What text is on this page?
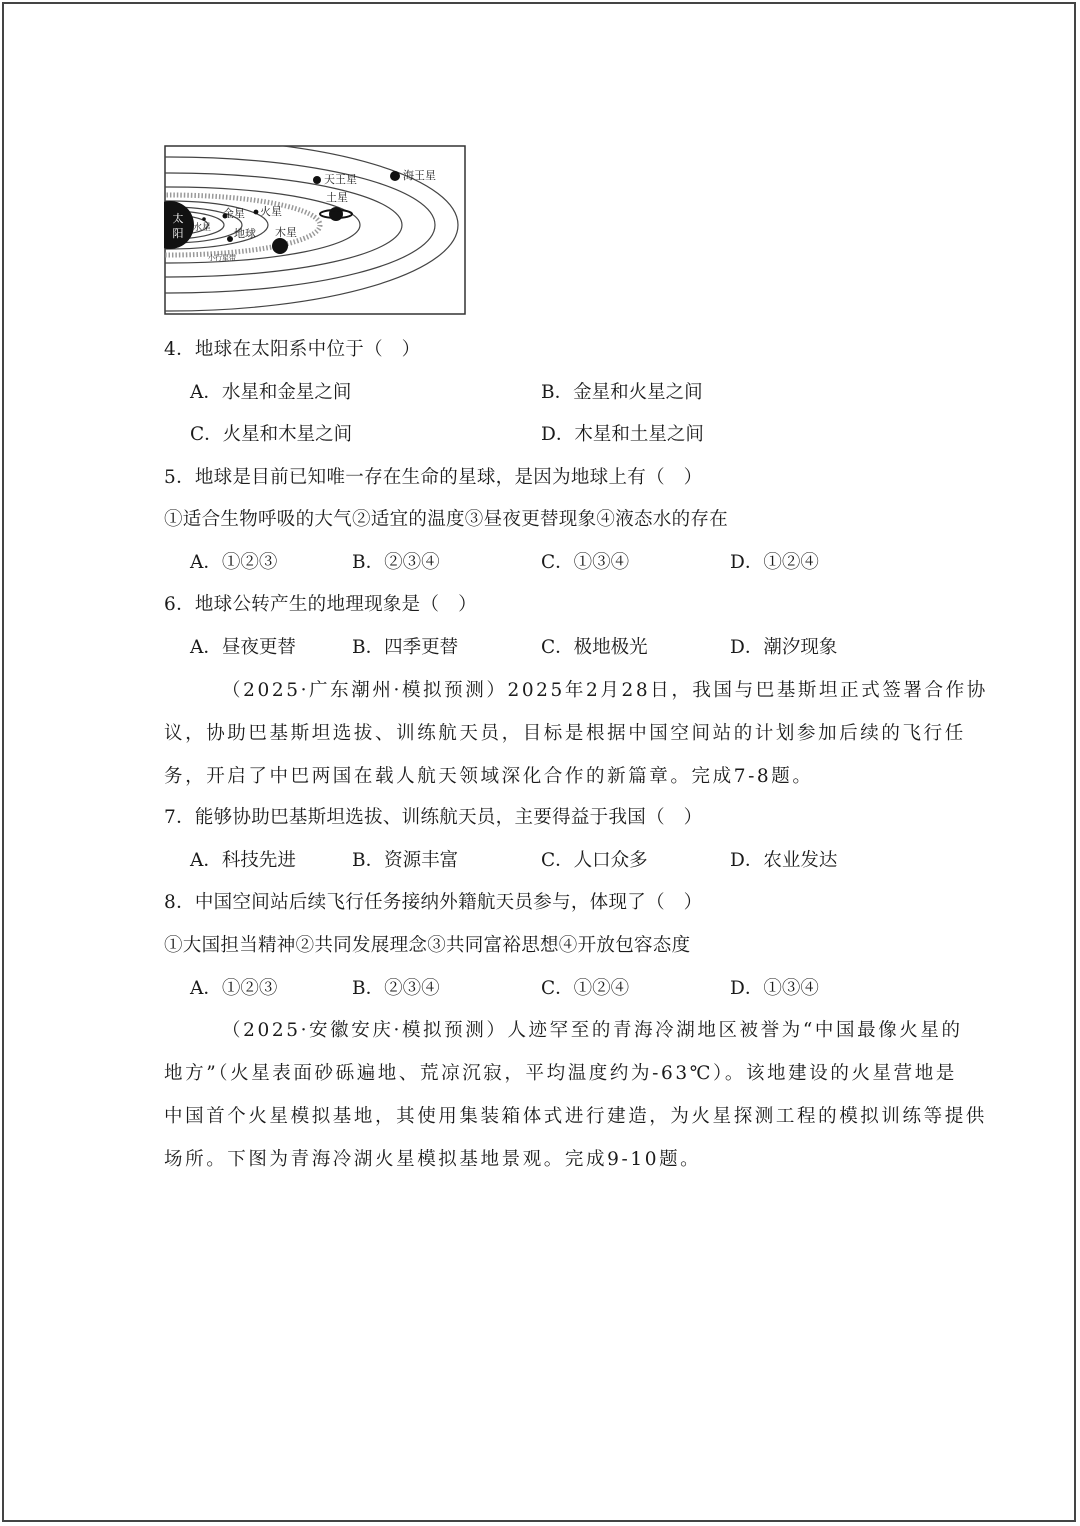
太
阳 水星
金星
地球
火星
木星
土星
天王星	海王星
小行星带
4．地球在太阳系中位于（　）
A．水星和金星之间	B．金星和火星之间
C．火星和木星之间	D．木星和土星之间
5．地球是目前已知唯一存在生命的星球，是因为地球上有（　）
①适合生物呼吸的大气②适宜的温度③昼夜更替现象④液态水的存在
A．①②③	B．②③④	C．①③④	D．①②④
6．地球公转产生的地理现象是（　）
A．昼夜更替	B．四季更替	C．极地极光	D．潮汐现象
（2025·广东潮州·模拟预测）2025年2月28日，我国与巴基斯坦正式签署合作协
议，协助巴基斯坦选拔、训练航天员，目标是根据中国空间站的计划参加后续的飞行任
务，开启了中巴两国在载人航天领域深化合作的新篇章。完成7-8题。
7．能够协助巴基斯坦选拔、训练航天员，主要得益于我国（　）
A．科技先进	B．资源丰富	C．人口众多	D．农业发达
8．中国空间站后续飞行任务接纳外籍航天员参与，体现了（　）
①大国担当精神②共同发展理念③共同富裕思想④开放包容态度
A．①②③	B．②③④	C．①②④	D．①③④
（2025·安徽安庆·模拟预测）人迹罕至的青海冷湖地区被誉为“中国最像火星的
地方”（火星表面砂砾遍地、荒凉沉寂，平均温度约为-63℃）。该地建设的火星营地是
中国首个火星模拟基地，其使用集装箱体式进行建造，为火星探测工程的模拟训练等提供
场所。下图为青海冷湖火星模拟基地景观。完成9-10题。
